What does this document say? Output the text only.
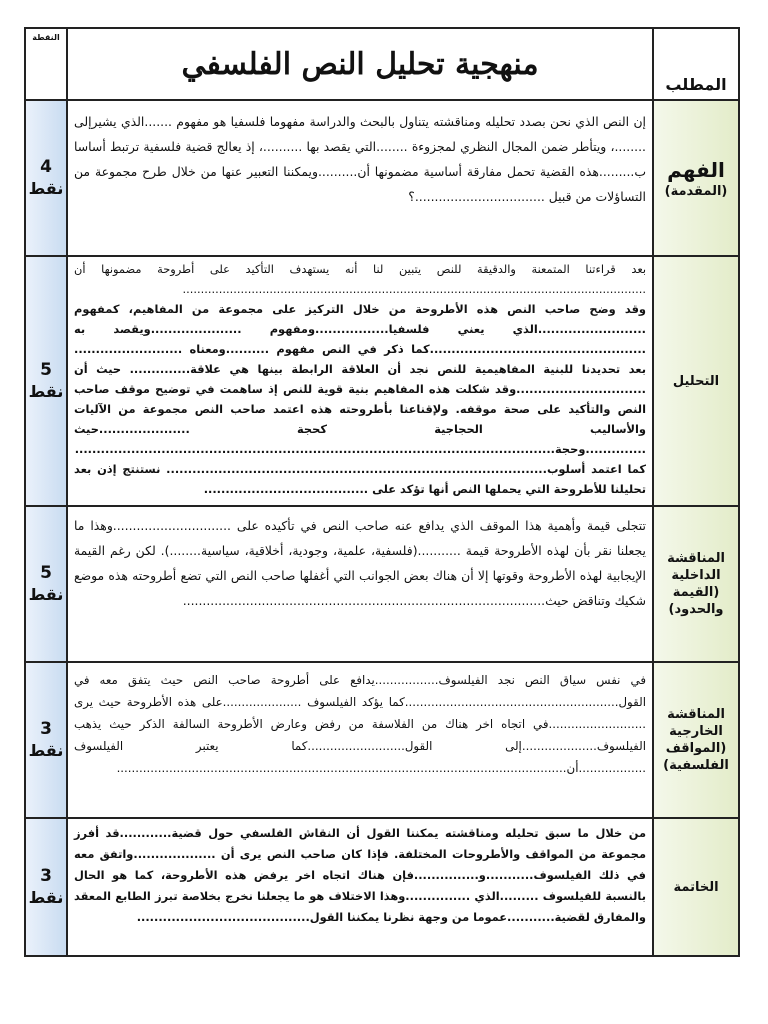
النقطة
منهجية تحليل النص الفلسفي
المطلب
4
نقط

إن النص الذي نحن بصدد تحليله ومناقشته يتناول بالبحث والدراسة مفهوما فلسفيا هو مفهوم .......الذي يشيرإلى ........، ويتأطر ضمن المجال النظري لمجزوءة ........التي يقصد بها ..........، إذ يعالج قضية فلسفية ترتبط أساسا ب.........هذه القضية تحمل مفارقة أساسية مضمونها أن..........ويمكننا التعبير عنها من خلال طرح مجموعة من التساؤلات من قبيل .................................؟

الفهم
(المقدمة)
5
نقط

بعد قراءتنا المتمعنة والدقيقة للنص يتبين لنا أنه يستهدف التأكيد على أطروحة مضمونها أن ................................................................................................................................

وقد وضح صاحب النص هذه الأطروحة من خلال التركيز على مجموعة من المفاهيم، كمفهوم .........................الذي يعني فلسفيا.................ومفهوم .....................ويقصد به ..................................................كما ذكر في النص مفهوم ..........ومعناه ......................... بعد تحديدنا للبنية المفاهيمية للنص نجد أن العلاقة الرابطة بينها هي علاقة.............. حيث أن ..............................وقد شكلت هذه المفاهيم بنية قوية للنص إذ ساهمت في توضيح موقف صاحب النص والتأكيد على صحة موقفه. ولإقناعنا بأطروحته هذه اعتمد صاحب النص مجموعة من الآليات والأساليب الحجاجية كحجة .....................حيث ..............وحجة............................................................................................................... كما اعتمد أسلوب........................................................................................ نستنتج إذن بعد تحليلنا للأطروحة التي يحملها النص أنها تؤكد على ......................................

التحليل
5
نقط

تتجلى قيمة وأهمية هذا الموقف الذي يدافع عنه صاحب النص في تأكيده على ..............................وهذا ما يجعلنا نقر بأن لهذه الأطروحة قيمة ...........(فلسفية، علمية، وجودية، أخلاقية، سياسية........). لكن رغم القيمة الإيجابية لهذه الأطروحة وقوتها إلا أن هناك بعض الجوانب التي أغفلها صاحب النص التي تضع أطروحته هذه موضع شكيك وتناقض حيث............................................................................................

المناقشة الداخلية
(القيمة والحدود)
3
نقط

في نفس سياق النص نجد الفيلسوف.................يدافع على أطروحة صاحب النص حيث يتفق معه في القول.........................................................كما يؤكد الفيلسوف .....................على هذه الأطروحة حيث يرى ..........................في اتجاه اخر هناك من الفلاسفة من رفض وعارض الأطروحة السالفة الذكر حيث يذهب الفيلسوف....................إلى القول..........................كما يعتبر الفيلسوف ..................أن........................................................................................................................

المناقشة الخارجية
(المواقف الفلسفية)
3
نقط

من خلال ما سبق تحليله ومناقشته يمكننا القول أن النقاش الفلسفي حول قضية............قد أفرز مجموعة من المواقف والأطروحات المختلفة. فإذا كان صاحب النص يرى أن ...................واتفق معه في ذلك الفيلسوف...........و...............فإن هناك اتجاه اخر يرفض هذه الأطروحة، كما هو الحال بالنسبة للفيلسوف .........الذي ...............وهذا الاختلاف هو ما يجعلنا نخرج بخلاصة تبرز الطابع المعقد والمفارق لقضية...........عموما من وجهة نظرنا يمكننا القول........................................

الخاتمة
